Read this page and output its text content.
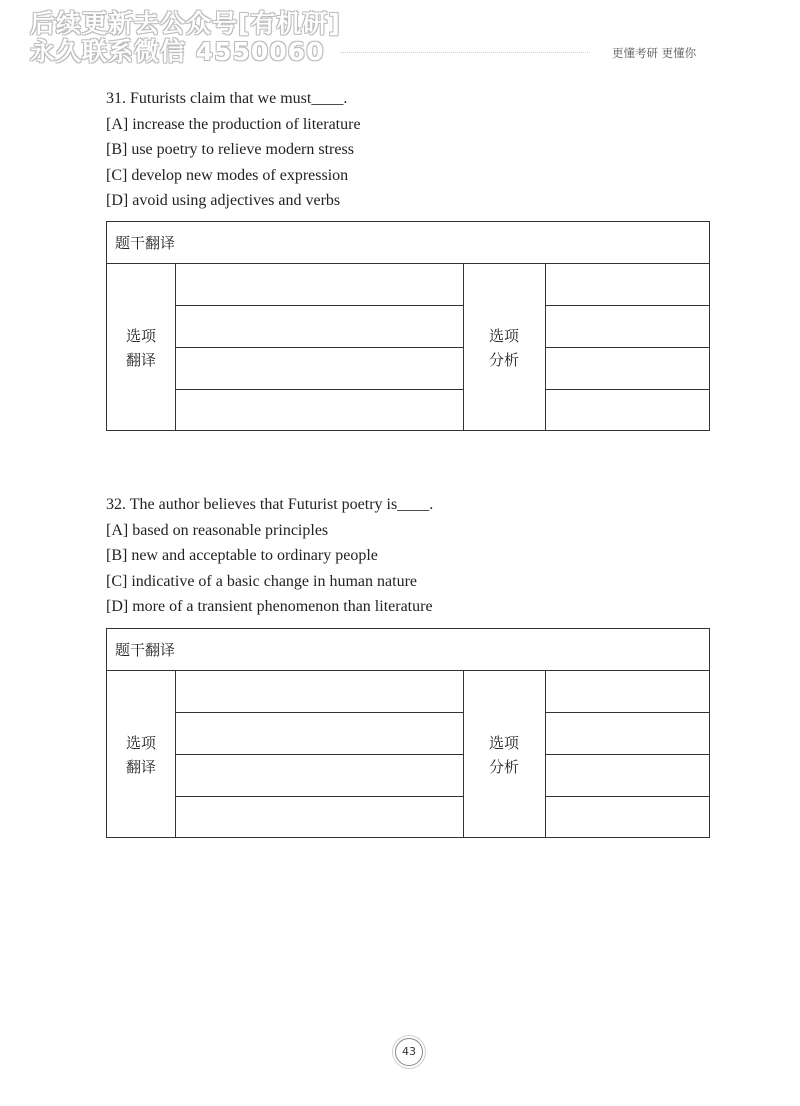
后续更新去公众号[有机研]
永久联系微信 4550060	更懂考研 更懂你

31. Futurists claim that we must____.

[A] increase the production of literature

[B] use poetry to relieve modern stress

[C] develop new modes of expression

[D] avoid using adjectives and verbs

题干翻译
选项
翻译
选项
分析

32. The author believes that Futurist poetry is____.

[A] based on reasonable principles

[B] new and acceptable to ordinary people

[C] indicative of a basic change in human nature

[D] more of a transient phenomenon than literature

题干翻译
选项
翻译
选项
分析
43
